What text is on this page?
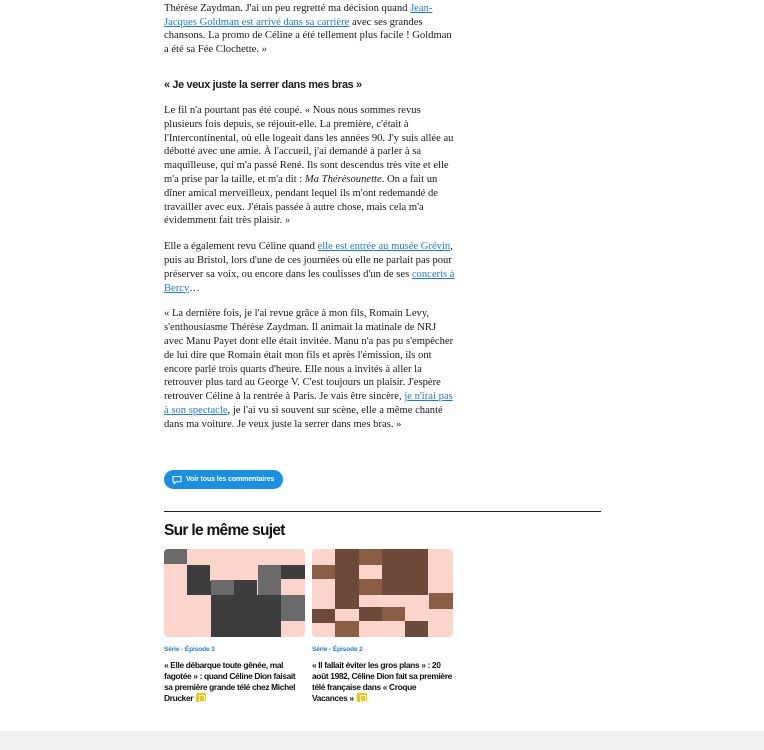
Thérèse Zaydman. J'ai un peu regretté ma décision quand Jean-Jacques Goldman est arrivé dans sa carrière avec ses grandes chansons. La promo de Céline a été tellement plus facile ! Goldman a été sa Fée Clochette. »

« Je veux juste la serrer dans mes bras »

Le fil n'a pourtant pas été coupé. « Nous nous sommes revus plusieurs fois depuis, se réjouit-elle. La première, c'était à l'Intercontinental, où elle logeait dans les années 90. J'y suis allée au débotté avec une amie. À l'accueil, j'ai demandé à parler à sa maquilleuse, qui m'a passé René. Ils sont descendus très vite et elle m'a prise par la taille, et m'a dit : Ma Thérèsounette. On a fait un dîner amical merveilleux, pendant lequel ils m'ont redemandé de travailler avec eux. J'étais passée à autre chose, mais cela m'a évidemment fait très plaisir. »

Elle a également revu Céline quand elle est entrée au musée Grévin, puis au Bristol, lors d'une de ces journées où elle ne parlait pas pour préserver sa voix, ou encore dans les coulisses d'un de ses concerts à Bercy…

« La dernière fois, je l'ai revue grâce à mon fils, Romain Levy, s'enthousiasme Thérèse Zaydman. Il animait la matinale de NRJ avec Manu Payet dont elle était invitée. Manu n'a pas pu s'empêcher de lui dire que Romain était mon fils et après l'émission, ils ont encore parlé trois quarts d'heure. Elle nous a invités à aller la retrouver plus tard au George V. C'est toujours un plaisir. J'espère retrouver Céline à la rentrée à Paris. Je vais être sincère, je n'irai pas à son spectacle, je l'ai vu si souvent sur scène, elle a même chanté dans ma voiture. Je veux juste la serrer dans mes bras. »

Voir tous les commentaires
Sur le même sujet
Série - Épisode 3
« Elle débarque toute gênée, mal fagotée » : quand Céline Dion faisait sa première grande télé chez Michel Drucker
Série - Épisode 2
« Il fallait éviter les gros plans » : 20 août 1982, Céline Dion fait sa première télé française dans « Croque Vacances »
